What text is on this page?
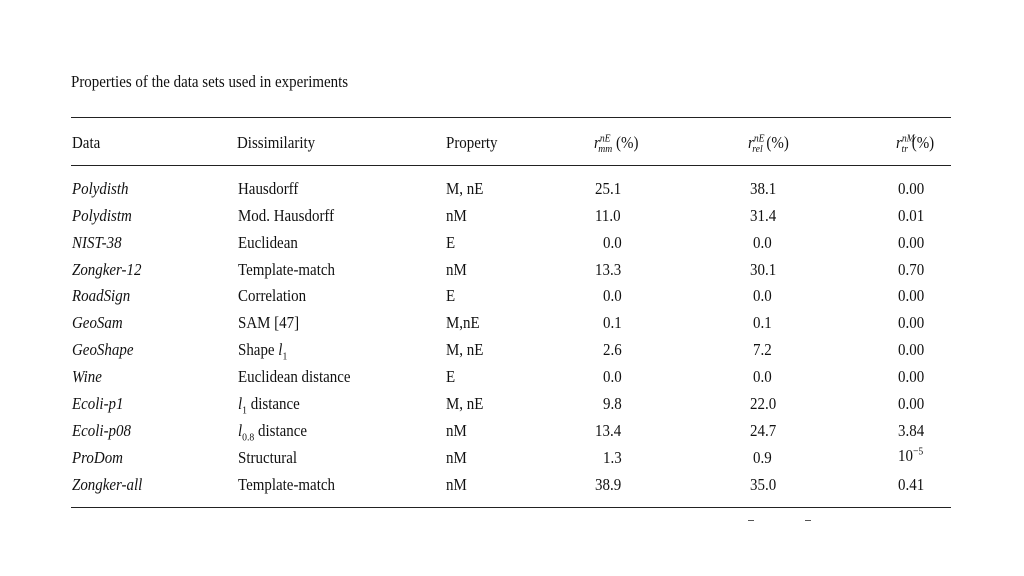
Properties of the data sets used in experiments
Data	Dissimilarity	Property	$r^{nE}_{mm}$ (%)	$r^{nE}_{rel}$ (%)	$r^{nM}_{tr}$ (%)
Polydisth	Hausdorff	M, nE	25.1	38.1	0.00
Polydistm	Mod. Hausdorff	nM	11.0	31.4	0.01
NIST-38	Euclidean	E	0.0	0.0	0.00
Zongker-12	Template-match	nM	13.3	30.1	0.70
RoadSign	Correlation	E	0.0	0.0	0.00
GeoSam	SAM [47]	M,nE	0.1	0.1	0.00
GeoShape	Shape $l_1$	M, nE	2.6	7.2	0.00
Wine	Euclidean distance	E	0.0	0.0	0.00
Ecoli-p1	$l_1$ distance	M, nE	9.8	22.0	0.00
Ecoli-p08	$l_{0.8}$ distance	nM	13.4	24.7	3.84
ProDom	Structural	nM	1.3	0.9	$10^{-5}$
Zongker-all	Template-match	nM	38.9	35.0	0.41
